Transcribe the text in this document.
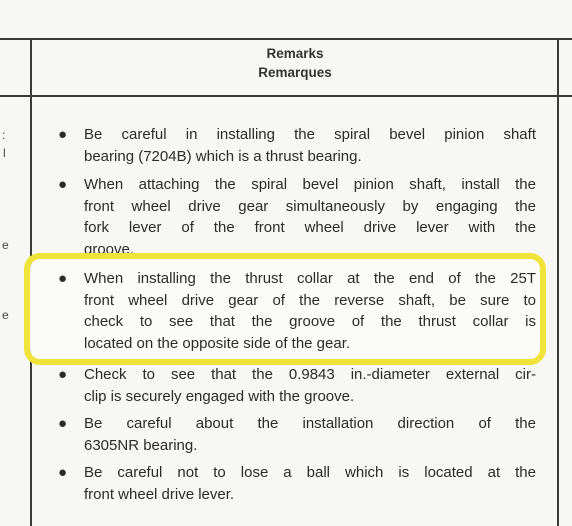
Remarks
Remarques
:
l
e
e
●	Be careful in installing the spiral bevel pinion shaft
bearing (7204B) which is a thrust bearing.
●	When attaching the spiral bevel pinion shaft, install the
front wheel drive gear simultaneously by engaging the
fork lever of the front wheel drive lever with the
groove.
●	Check to see that the 0.9843 in.-diameter external cir-
clip is securely engaged with the groove.
●	When installing the thrust collar at the end of the 25T
front wheel drive gear of the reverse shaft, be sure to
check to see that the groove of the thrust collar is
located on the opposite side of the gear.
●	Be careful about the installation direction of the
6305NR bearing.
●	Be careful not to lose a ball which is located at the
front wheel drive lever.
